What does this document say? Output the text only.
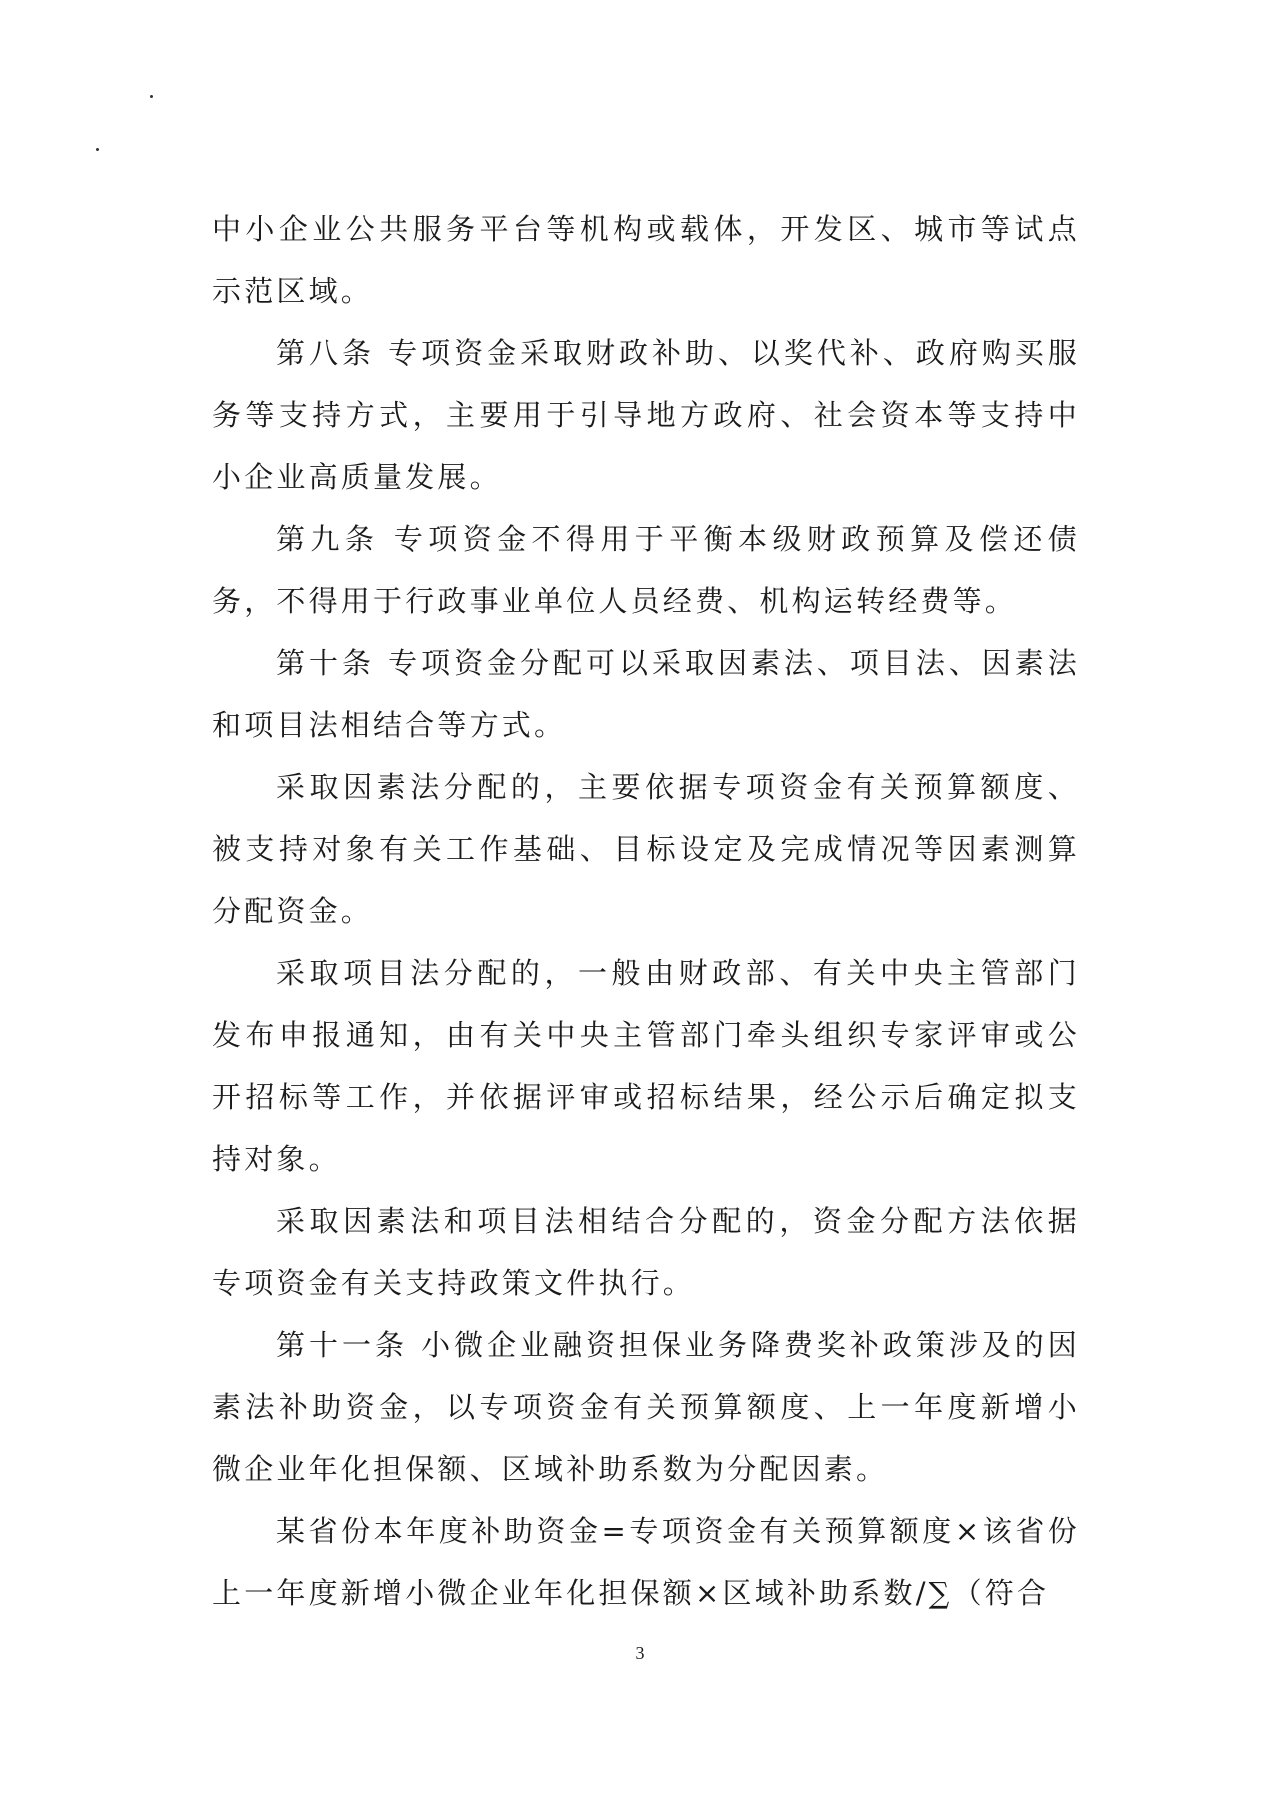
中小企业公共服务平台等机构或载体，开发区、城市等试点示范区域。

第八条 专项资金采取财政补助、以奖代补、政府购买服务等支持方式，主要用于引导地方政府、社会资本等支持中小企业高质量发展。

第九条 专项资金不得用于平衡本级财政预算及偿还债务，不得用于行政事业单位人员经费、机构运转经费等。

第十条 专项资金分配可以采取因素法、项目法、因素法和项目法相结合等方式。

采取因素法分配的，主要依据专项资金有关预算额度、被支持对象有关工作基础、目标设定及完成情况等因素测算分配资金。

采取项目法分配的，一般由财政部、有关中央主管部门发布申报通知，由有关中央主管部门牵头组织专家评审或公开招标等工作，并依据评审或招标结果，经公示后确定拟支持对象。

采取因素法和项目法相结合分配的，资金分配方法依据专项资金有关支持政策文件执行。

第十一条 小微企业融资担保业务降费奖补政策涉及的因素法补助资金，以专项资金有关预算额度、上一年度新增小微企业年化担保额、区域补助系数为分配因素。

某省份本年度补助资金=专项资金有关预算额度×该省份上一年度新增小微企业年化担保额×区域补助系数/∑（符合

3
